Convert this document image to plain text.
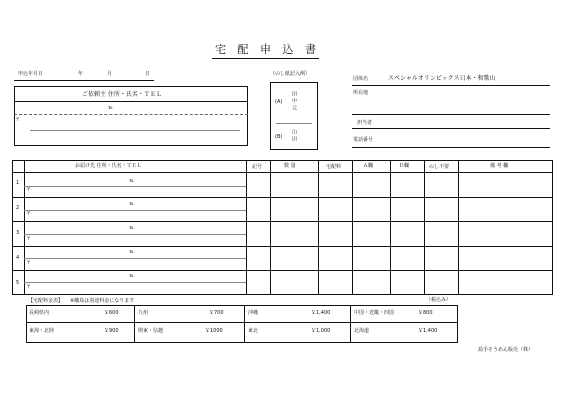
宅 配 申 込 書
申込年月日	年	月	日
ご依頼主 住所・氏名・ＴＥＬ
℡
〒
（のし紙記入例）
(A) 田中元
(B) 山田
団体名	スペシャルオリンピックス日本・和歌山
所在地
担当者
電話番号
お届け先 住所・氏名・ＴＥＬ	記号	数 量	宅配料	Ａ欄	Ｂ欄	のし不要	備 考 欄
1	℡
〒
2
℡
〒
3
℡
〒
4
℡
〒
5
℡
〒
【宅配料金表】 ※離島は別途料金になります	（税込み）
長崎県内	￥600	九州	￥700	沖縄	￥1,400	中国・近畿・四国	￥800
東海・北陸	￥900	関東・信越	￥1000	東北	￥1,000	北海道	￥1,400
島手そうめん販売（株）
